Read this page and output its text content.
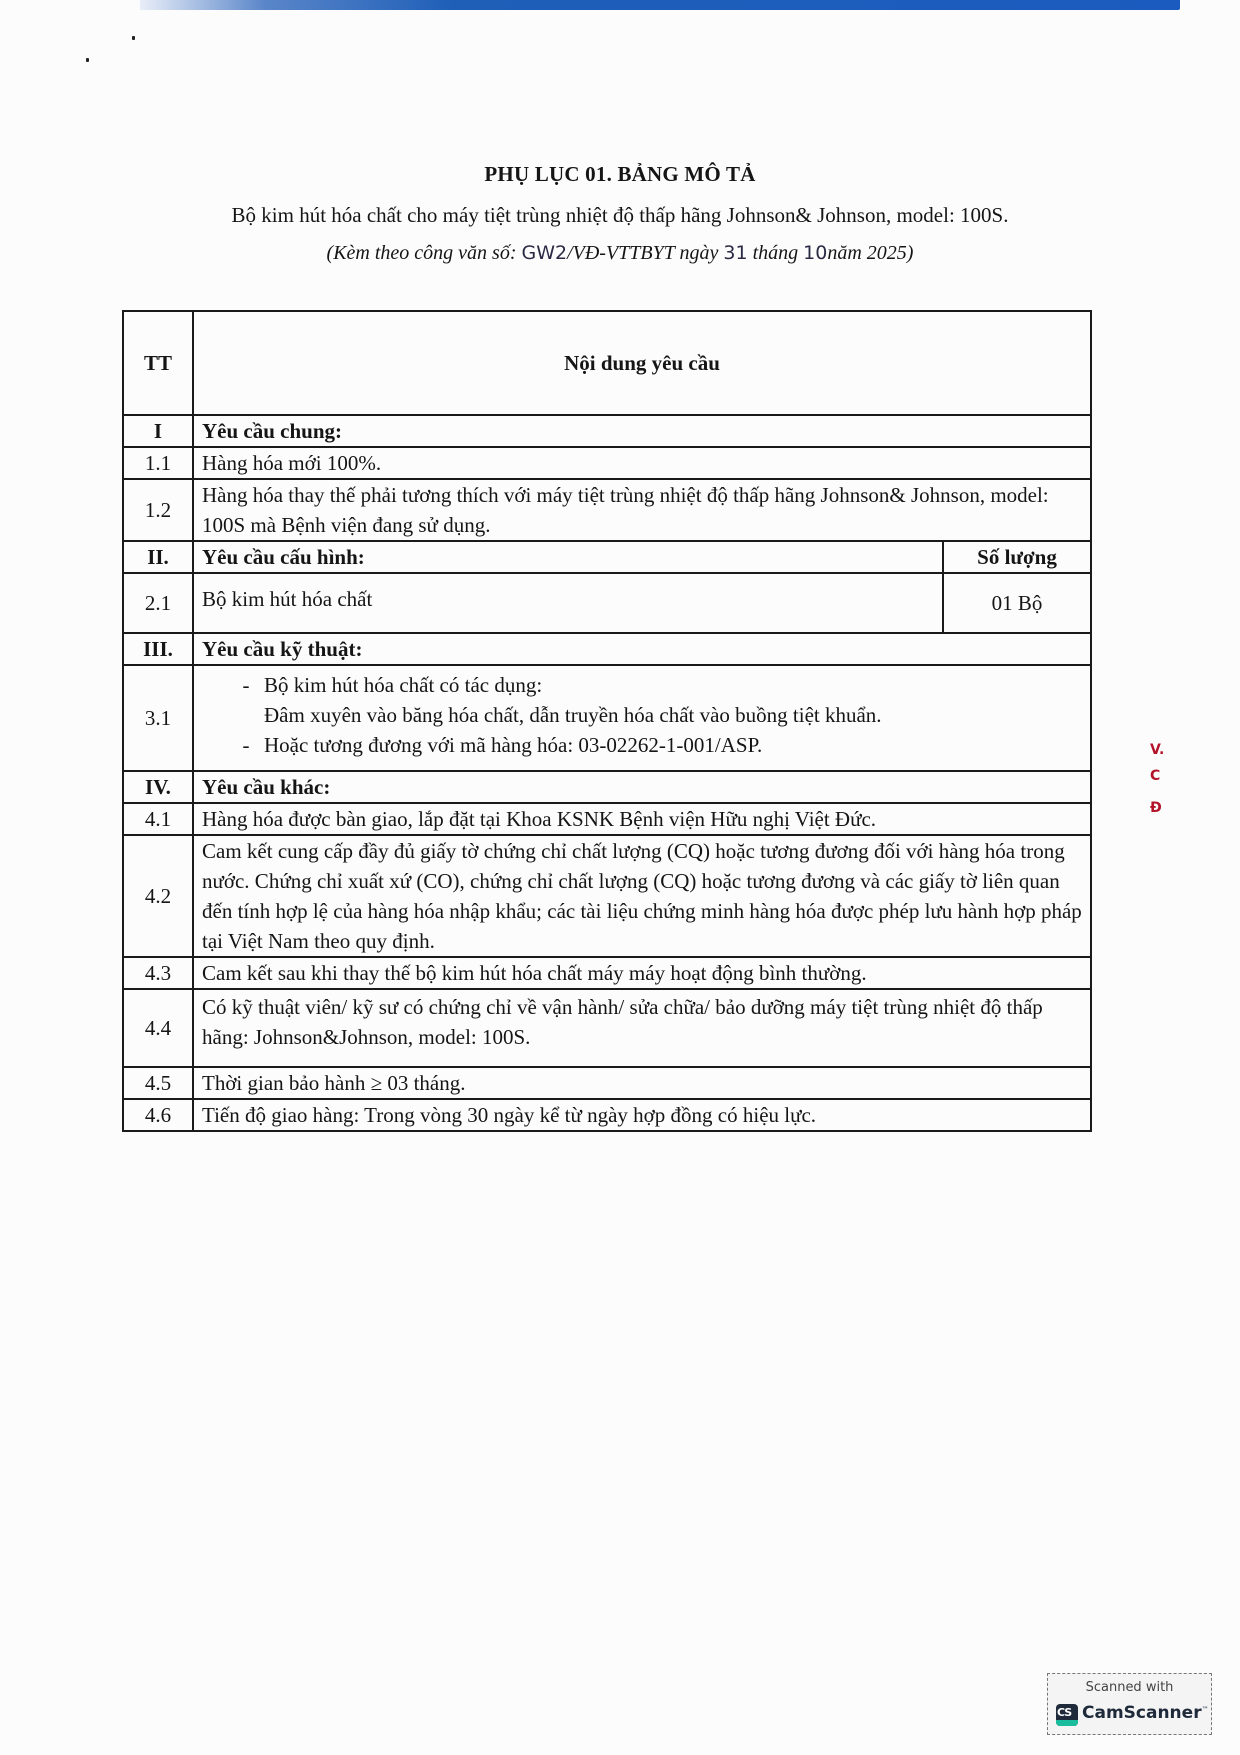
PHỤ LỤC 01. BẢNG MÔ TẢ
Bộ kim hút hóa chất cho máy tiệt trùng nhiệt độ thấp hãng Johnson& Johnson, model: 100S.
(Kèm theo công văn số: GW2/VĐ-VTTBYT ngày 31 tháng 10năm 2025)
TT	Nội dung yêu cầu	
I	Yêu cầu chung:	
1.1	Hàng hóa mới 100%.	
1.2	Hàng hóa thay thế phải tương thích với máy tiệt trùng nhiệt độ thấp hãng Johnson& Johnson, model: 100S mà Bệnh viện đang sử dụng.	
II.	Yêu cầu cấu hình:	Số lượng
2.1	Bộ kim hút hóa chất	01 Bộ
III.	Yêu cầu kỹ thuật:	
3.1	- Bộ kim hút hóa chất có tác dụng:
Đâm xuyên vào băng hóa chất, dẫn truyền hóa chất vào buồng tiệt khuẩn.
- Hoặc tương đương với mã hàng hóa: 03-02262-1-001/ASP.	

IV.	Yêu cầu khác:	
4.1	Hàng hóa được bàn giao, lắp đặt tại Khoa KSNK Bệnh viện Hữu nghị Việt Đức.	
4.2	Cam kết cung cấp đầy đủ giấy tờ chứng chỉ chất lượng (CQ) hoặc tương đương đối với hàng hóa trong nước. Chứng chỉ xuất xứ (CO), chứng chỉ chất lượng (CQ) hoặc tương đương và các giấy tờ liên quan đến tính hợp lệ của hàng hóa nhập khẩu; các tài liệu chứng minh hàng hóa được phép lưu hành hợp pháp tại Việt Nam theo quy định.	
4.3	Cam kết sau khi thay thế bộ kim hút hóa chất máy máy hoạt động bình thường.	
4.4	Có kỹ thuật viên/ kỹ sư có chứng chỉ về vận hành/ sửa chữa/ bảo dưỡng máy tiệt trùng nhiệt độ thấp hãng: Johnson&Johnson, model: 100S.	
4.5	Thời gian bảo hành ≥ 03 tháng.	
4.6	Tiến độ giao hàng: Trong vòng 30 ngày kể từ ngày hợp đồng có hiệu lực.	
V.
C
Đ
Scanned with
CS CamScanner™
